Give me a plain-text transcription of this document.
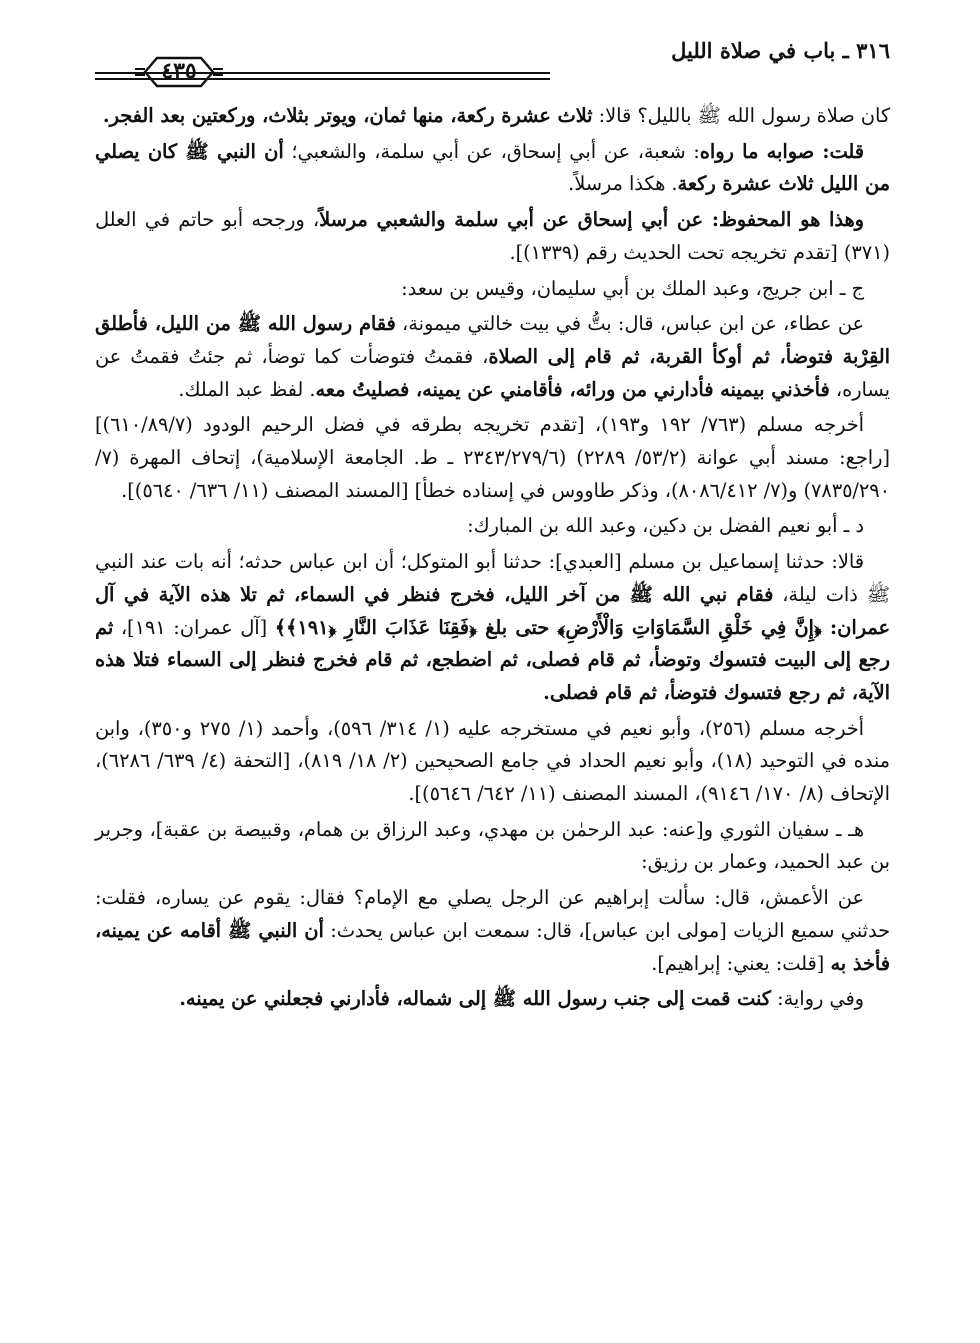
٣١٦ ـ باب في صلاة الليل
٤٣٥

كان صلاة رسول الله ﷺ بالليل؟ قالا: ثلاث عشرة ركعة، منها ثمان، ويوتر بثلاث، وركعتين بعد الفجر.

قلت: صوابه ما رواه: شعبة، عن أبي إسحاق، عن أبي سلمة، والشعبي؛ أن النبي ﷺ كان يصلي من الليل ثلاث عشرة ركعة. هكذا مرسلاً.

وهذا هو المحفوظ: عن أبي إسحاق عن أبي سلمة والشعبي مرسلاً، ورجحه أبو حاتم في العلل (٣٧١) [تقدم تخريجه تحت الحديث رقم (١٣٣٩)].

ج ـ ابن جريج، وعبد الملك بن أبي سليمان، وقيس بن سعد:

عن عطاء، عن ابن عباس، قال: بتُّ في بيت خالتي ميمونة، فقام رسول الله ﷺ من الليل، فأطلق القِرْبة فتوضأ، ثم أوكأ القربة، ثم قام إلى الصلاة، فقمتُ فتوضأت كما توضأ، ثم جئتُ فقمتُ عن يساره، فأخذني بيمينه فأدارني من ورائه، فأقامني عن يمينه، فصليتُ معه. لفظ عبد الملك.

أخرجه مسلم (٧٦٣/ ١٩٢ و١٩٣)، [تقدم تخريجه بطرقه في فضل الرحيم الودود (٦١٠/٨٩/٧)] [راجع: مسند أبي عوانة (٥٣/٢/ ٢٢٨٩) (٢٣٤٣/٢٧٩/٦ ـ ط. الجامعة الإسلامية)، إتحاف المهرة (٧/ ٧٨٣٥/٢٩٠) و(٧/ ٨٠٨٦/٤١٢)، وذكر طاووس في إسناده خطأ] [المسند المصنف (١١/ ٦٣٦/ ٥٦٤٠)].

د ـ أبو نعيم الفضل بن دكين، وعبد الله بن المبارك:

قالا: حدثنا إسماعيل بن مسلم [العبدي]: حدثنا أبو المتوكل؛ أن ابن عباس حدثه؛ أنه بات عند النبي ﷺ ذات ليلة، فقام نبي الله ﷺ من آخر الليل، فخرج فنظر في السماء، ثم تلا هذه الآية في آل عمران: ﴿إِنَّ فِي خَلْقِ السَّمَاوَاتِ وَالْأَرْضِ﴾ حتى بلغ ﴿فَقِنَا عَذَابَ النَّارِ ﴿١٩١﴾﴾ [آل عمران: ١٩١]، ثم رجع إلى البيت فتسوك وتوضأ، ثم قام فصلى، ثم اضطجع، ثم قام فخرج فنظر إلى السماء فتلا هذه الآية، ثم رجع فتسوك فتوضأ، ثم قام فصلى.

أخرجه مسلم (٢٥٦)، وأبو نعيم في مستخرجه عليه (١/ ٣١٤/ ٥٩٦)، وأحمد (١/ ٢٧٥ و٣٥٠)، وابن منده في التوحيد (١٨)، وأبو نعيم الحداد في جامع الصحيحين (٢/ ١٨/ ٨١٩)، [التحفة (٤/ ٦٣٩/ ٦٢٨٦)، الإتحاف (٨/ ١٧٠/ ٩١٤٦)، المسند المصنف (١١/ ٦٤٢/ ٥٦٤٦)].

هـ ـ سفيان الثوري و[عنه: عبد الرحمٰن بن مهدي، وعبد الرزاق بن همام، وقبيصة بن عقبة]، وجرير بن عبد الحميد، وعمار بن رزيق:

عن الأعمش، قال: سألت إبراهيم عن الرجل يصلي مع الإمام؟ فقال: يقوم عن يساره، فقلت: حدثني سميع الزيات [مولى ابن عباس]، قال: سمعت ابن عباس يحدث: أن النبي ﷺ أقامه عن يمينه، فأخذ به [قلت: يعني: إبراهيم].

وفي رواية: كنت قمت إلى جنب رسول الله ﷺ إلى شماله، فأدارني فجعلني عن يمينه.
